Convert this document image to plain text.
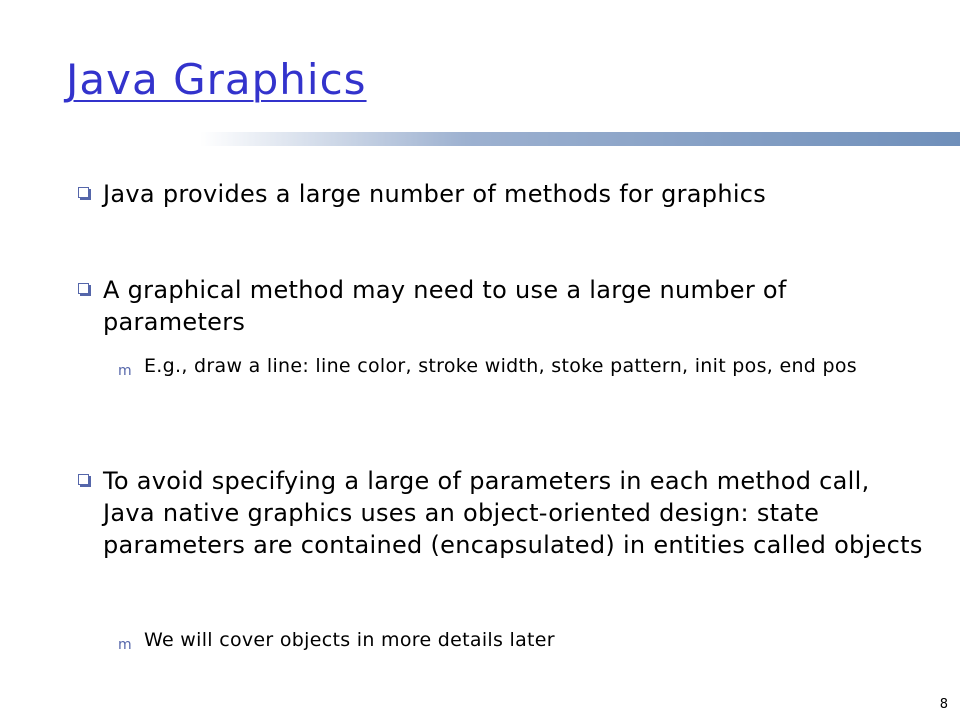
Java Graphics
Java provides a large number of methods for graphics
A graphical method may need to use a large number of parameters
m E.g., draw a line: line color, stroke width, stoke pattern, init pos, end pos
To avoid specifying a large of parameters in each method call, Java native graphics uses an object-oriented design: state parameters are contained (encapsulated) in entities called objects
m We will cover objects in more details later
8
